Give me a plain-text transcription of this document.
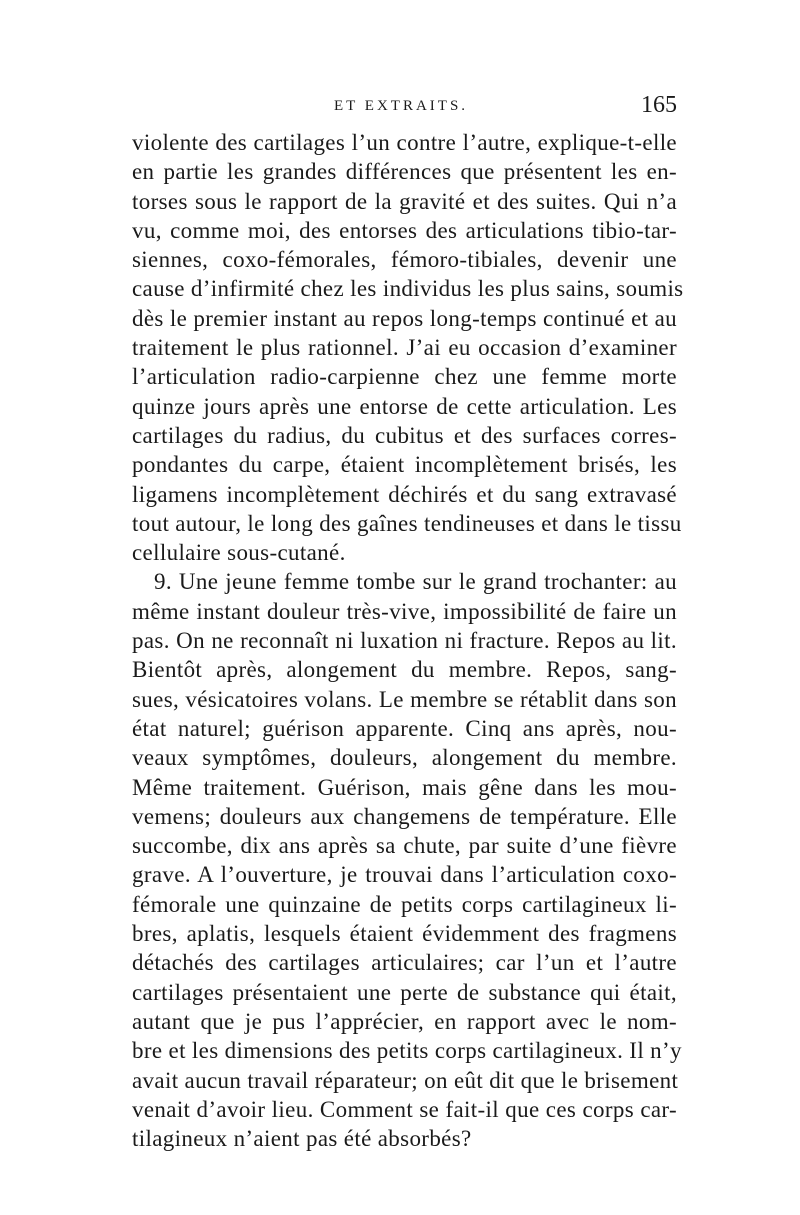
ET EXTRAITS.	165
violente des cartilages l’un contre l’autre, explique-t-elle
en partie les grandes différences que présentent les en-
torses sous le rapport de la gravité et des suites. Qui n’a
vu, comme moi, des entorses des articulations tibio-tar-
siennes, coxo-fémorales, fémoro-tibiales, devenir une
cause d’infirmité chez les individus les plus sains, soumis
dès le premier instant au repos long-temps continué et au
traitement le plus rationnel. J’ai eu occasion d’examiner
l’articulation radio-carpienne chez une femme morte
quinze jours après une entorse de cette articulation. Les
cartilages du radius, du cubitus et des surfaces corres-
pondantes du carpe, étaient incomplètement brisés, les
ligamens incomplètement déchirés et du sang extravasé
tout autour, le long des gaînes tendineuses et dans le tissu
cellulaire sous-cutané.
9. Une jeune femme tombe sur le grand trochanter: au
même instant douleur très-vive, impossibilité de faire un
pas. On ne reconnaît ni luxation ni fracture. Repos au lit.
Bientôt après, alongement du membre. Repos, sang-
sues, vésicatoires volans. Le membre se rétablit dans son
état naturel; guérison apparente. Cinq ans après, nou-
veaux symptômes, douleurs, alongement du membre.
Même traitement. Guérison, mais gêne dans les mou-
vemens; douleurs aux changemens de température. Elle
succombe, dix ans après sa chute, par suite d’une fièvre
grave. A l’ouverture, je trouvai dans l’articulation coxo-
fémorale une quinzaine de petits corps cartilagineux li-
bres, aplatis, lesquels étaient évidemment des fragmens
détachés des cartilages articulaires; car l’un et l’autre
cartilages présentaient une perte de substance qui était,
autant que je pus l’apprécier, en rapport avec le nom-
bre et les dimensions des petits corps cartilagineux. Il n’y
avait aucun travail réparateur; on eût dit que le brisement
venait d’avoir lieu. Comment se fait-il que ces corps car-
tilagineux n’aient pas été absorbés?
